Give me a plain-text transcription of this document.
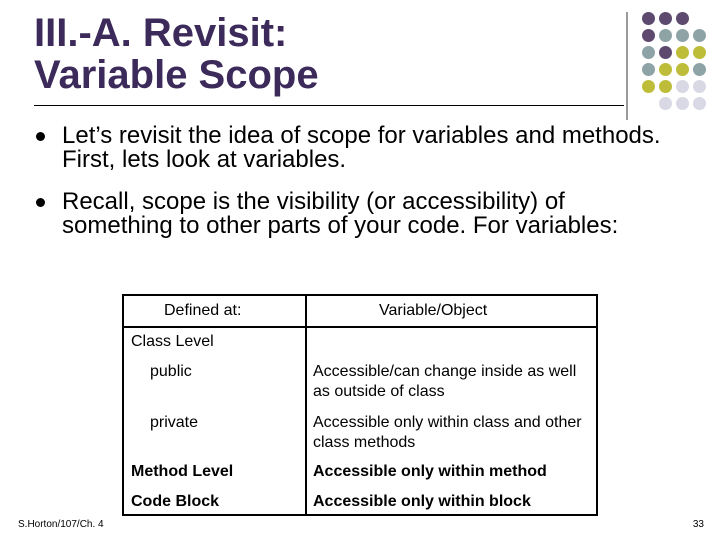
III.-A. Revisit:
Variable Scope
Let’s revisit the idea of scope for variables and methods. First, lets look at variables.
Recall, scope is the visibility (or accessibility) of something to other parts of your code. For variables:
Defined at:	Variable/Object
Class Level
public	Accessible/can change inside as well as outside of class
private	Accessible only within class and other class methods
Method Level	Accessible only within method
Code Block	Accessible only within block
S.Horton/107/Ch. 4	33
